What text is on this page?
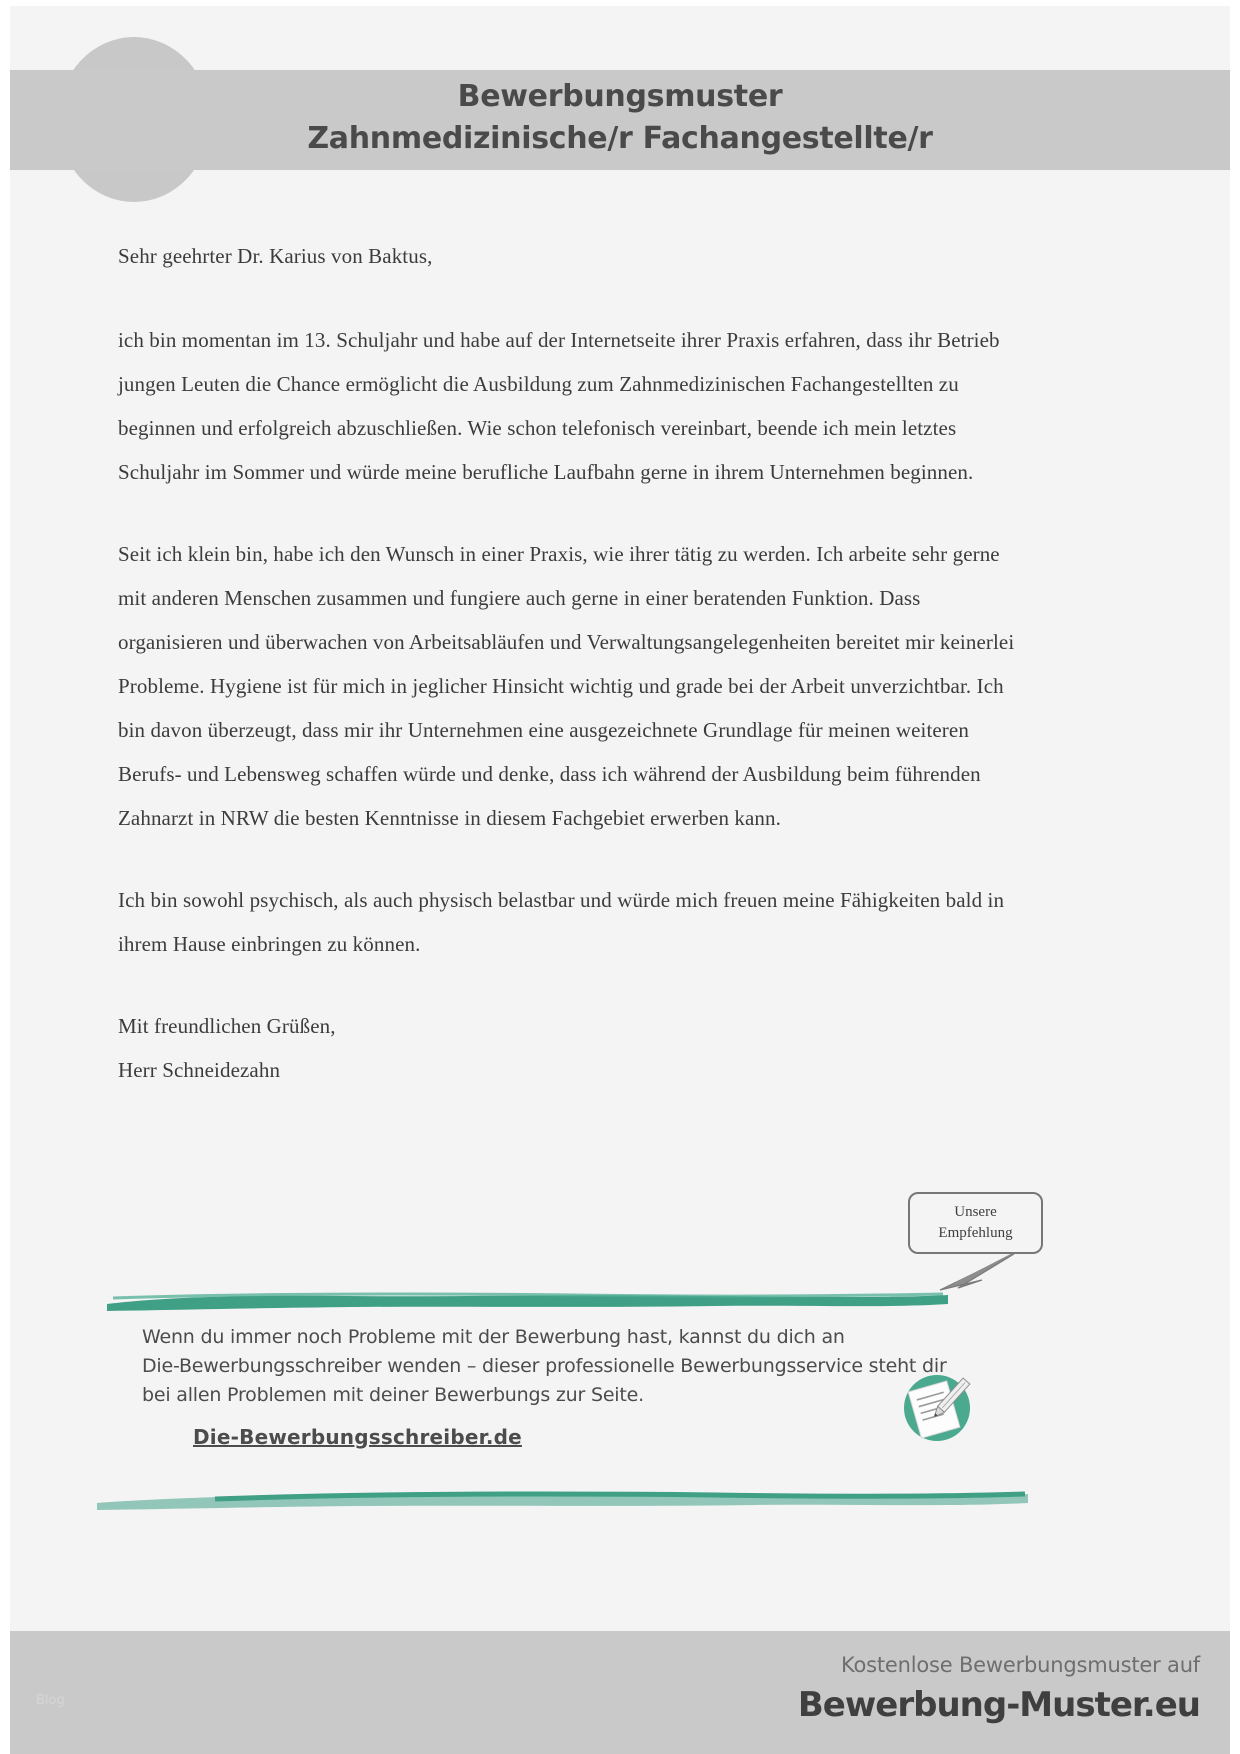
Bewerbungsmuster
Zahnmedizinische/r Fachangestellte/r

Sehr geehrter Dr. Karius von Baktus,

ich bin momentan im 13. Schuljahr und habe auf der Internetseite ihrer Praxis erfahren, dass ihr Betrieb jungen Leuten die Chance ermöglicht die Ausbildung zum Zahnmedizinischen Fachangestellten zu beginnen und erfolgreich abzuschließen. Wie schon telefonisch vereinbart, beende ich mein letztes Schuljahr im Sommer und würde meine berufliche Laufbahn gerne in ihrem Unternehmen beginnen.

Seit ich klein bin, habe ich den Wunsch in einer Praxis, wie ihrer tätig zu werden. Ich arbeite sehr gerne mit anderen Menschen zusammen und fungiere auch gerne in einer beratenden Funktion. Dass organisieren und überwachen von Arbeitsabläufen und Verwaltungsangelegenheiten bereitet mir keinerlei Probleme. Hygiene ist für mich in jeglicher Hinsicht wichtig und grade bei der Arbeit unverzichtbar. Ich bin davon überzeugt, dass mir ihr Unternehmen eine ausgezeichnete Grundlage für meinen weiteren Berufs- und Lebensweg schaffen würde und denke, dass ich während der Ausbildung beim führenden Zahnarzt in NRW die besten Kenntnisse in diesem Fachgebiet erwerben kann.

Ich bin sowohl psychisch, als auch physisch belastbar und würde mich freuen meine Fähigkeiten bald in ihrem Hause einbringen zu können.

Mit freundlichen Grüßen,

Herr Schneidezahn

Unsere
Empfehlung
Wenn du immer noch Probleme mit der Bewerbung hast, kannst du dich an
Die-Bewerbungsschreiber wenden – dieser professionelle Bewerbungsservice steht dir
bei allen Problemen mit deiner Bewerbungs zur Seite.
Die-Bewerbungsschreiber.de
Blog
Kostenlose Bewerbungsmuster auf
Bewerbung-Muster.eu
